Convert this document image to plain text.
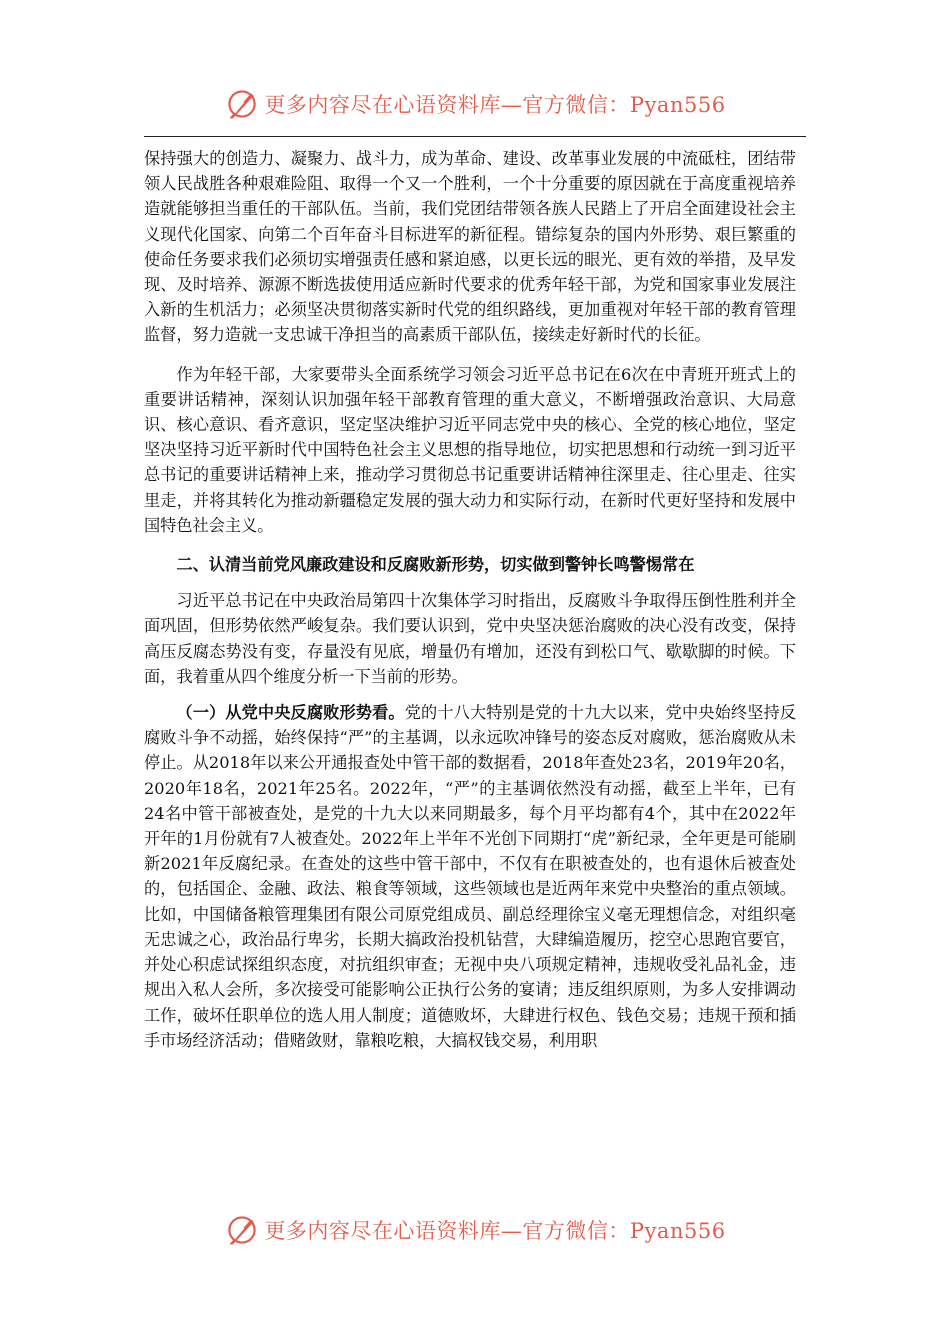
更多内容尽在心语资料库—官方微信：Pyan556

保持强大的创造力、凝聚力、战斗力，成为革命、建设、改革事业发展的中流砥柱，团结带领人民战胜各种艰难险阻、取得一个又一个胜利，一个十分重要的原因就在于高度重视培养造就能够担当重任的干部队伍。当前，我们党团结带领各族人民踏上了开启全面建设社会主义现代化国家、向第二个百年奋斗目标进军的新征程。错综复杂的国内外形势、艰巨繁重的使命任务要求我们必须切实增强责任感和紧迫感，以更长远的眼光、更有效的举措，及早发现、及时培养、源源不断选拔使用适应新时代要求的优秀年轻干部，为党和国家事业发展注入新的生机活力；必须坚决贯彻落实新时代党的组织路线，更加重视对年轻干部的教育管理监督，努力造就一支忠诚干净担当的高素质干部队伍，接续走好新时代的长征。

作为年轻干部，大家要带头全面系统学习领会习近平总书记在6次在中青班开班式上的重要讲话精神，深刻认识加强年轻干部教育管理的重大意义，不断增强政治意识、大局意识、核心意识、看齐意识，坚定坚决维护习近平同志党中央的核心、全党的核心地位，坚定坚决坚持习近平新时代中国特色社会主义思想的指导地位，切实把思想和行动统一到习近平总书记的重要讲话精神上来，推动学习贯彻总书记重要讲话精神往深里走、往心里走、往实里走，并将其转化为推动新疆稳定发展的强大动力和实际行动，在新时代更好坚持和发展中国特色社会主义。

二、认清当前党风廉政建设和反腐败新形势，切实做到警钟长鸣警惕常在

习近平总书记在中央政治局第四十次集体学习时指出，反腐败斗争取得压倒性胜利并全面巩固，但形势依然严峻复杂。我们要认识到，党中央坚决惩治腐败的决心没有改变，保持高压反腐态势没有变，存量没有见底，增量仍有增加，还没有到松口气、歇歇脚的时候。下面，我着重从四个维度分析一下当前的形势。

（一）从党中央反腐败形势看。党的十八大特别是党的十九大以来，党中央始终坚持反腐败斗争不动摇，始终保持“严”的主基调，以永远吹冲锋号的姿态反对腐败，惩治腐败从未停止。从2018年以来公开通报查处中管干部的数据看，2018年查处23名，2019年20名，2020年18名，2021年25名。2022年，“严”的主基调依然没有动摇，截至上半年，已有24名中管干部被查处，是党的十九大以来同期最多，每个月平均都有4个，其中在2022年开年的1月份就有7人被查处。2022年上半年不光创下同期打“虎”新纪录，全年更是可能刷新2021年反腐纪录。在查处的这些中管干部中，不仅有在职被查处的，也有退休后被查处的，包括国企、金融、政法、粮食等领域，这些领域也是近两年来党中央整治的重点领域。比如，中国储备粮管理集团有限公司原党组成员、副总经理徐宝义毫无理想信念，对组织毫无忠诚之心，政治品行卑劣，长期大搞政治投机钻营，大肆编造履历，挖空心思跑官要官，并处心积虑试探组织态度，对抗组织审查；无视中央八项规定精神，违规收受礼品礼金，违规出入私人会所，多次接受可能影响公正执行公务的宴请；违反组织原则，为多人安排调动工作，破坏任职单位的选人用人制度；道德败坏，大肆进行权色、钱色交易；违规干预和插手市场经济活动；借赌敛财，靠粮吃粮，大搞权钱交易，利用职

更多内容尽在心语资料库—官方微信：Pyan556
